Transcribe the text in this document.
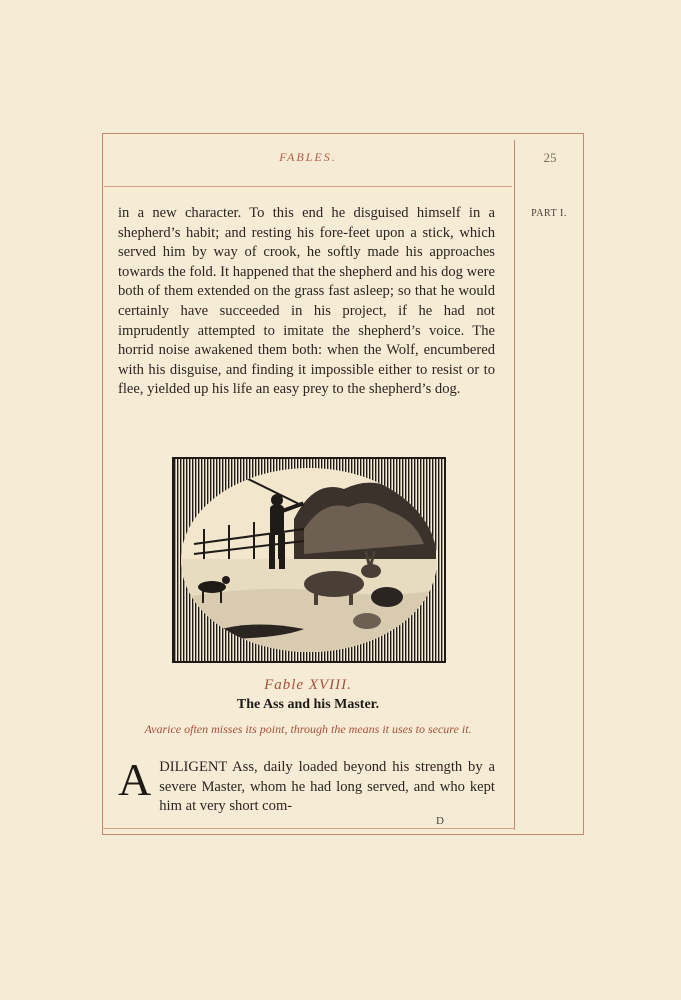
FABLES.	25
PART I.

in a new character. To this end he disguised himself in a shepherd’s habit; and resting his fore-feet upon a stick, which served him by way of crook, he softly made his approaches towards the fold. It happened that the shepherd and his dog were both of them extended on the grass fast asleep; so that he would certainly have succeeded in his project, if he had not imprudently attempted to imitate the shepherd’s voice. The horrid noise awakened them both: when the Wolf, encumbered with his disguise, and finding it impossible either to resist or to flee, yielded up his life an easy prey to the shepherd’s dog.

Fable XVIII.
The Ass and his Master.
Avarice often misses its point, through the means it uses to secure it.

ADILIGENT Ass, daily loaded beyond his strength by a severe Master, whom he had long served, and who kept him at very short com-

D
